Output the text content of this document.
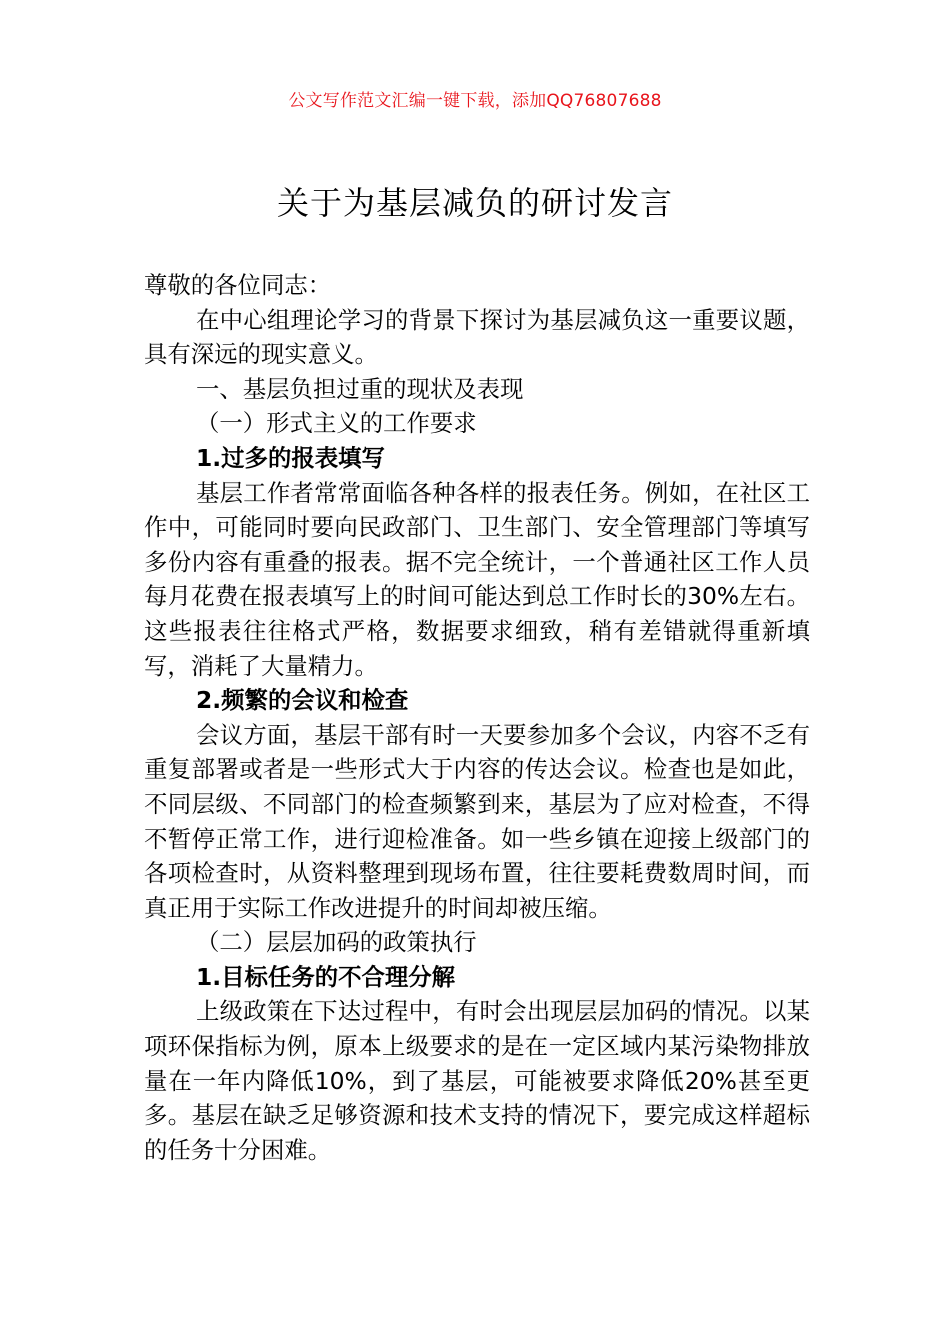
公文写作范文汇编一键下载，添加QQ76807688
关于为基层减负的研讨发言

尊敬的各位同志：

在中心组理论学习的背景下探讨为基层减负这一重要议题，具有深远的现实意义。

一、基层负担过重的现状及表现

（一）形式主义的工作要求

1.过多的报表填写

基层工作者常常面临各种各样的报表任务。例如，在社区工作中，可能同时要向民政部门、卫生部门、安全管理部门等填写多份内容有重叠的报表。据不完全统计，一个普通社区工作人员每月花费在报表填写上的时间可能达到总工作时长的30%左右。这些报表往往格式严格，数据要求细致，稍有差错就得重新填写，消耗了大量精力。

2.频繁的会议和检查

会议方面，基层干部有时一天要参加多个会议，内容不乏有重复部署或者是一些形式大于内容的传达会议。检查也是如此，不同层级、不同部门的检查频繁到来，基层为了应对检查，不得不暂停正常工作，进行迎检准备。如一些乡镇在迎接上级部门的各项检查时，从资料整理到现场布置，往往要耗费数周时间，而真正用于实际工作改进提升的时间却被压缩。

（二）层层加码的政策执行

1.目标任务的不合理分解

上级政策在下达过程中，有时会出现层层加码的情况。以某项环保指标为例，原本上级要求的是在一定区域内某污染物排放量在一年内降低10%，到了基层，可能被要求降低20%甚至更多。基层在缺乏足够资源和技术支持的情况下，要完成这样超标的任务十分困难。
